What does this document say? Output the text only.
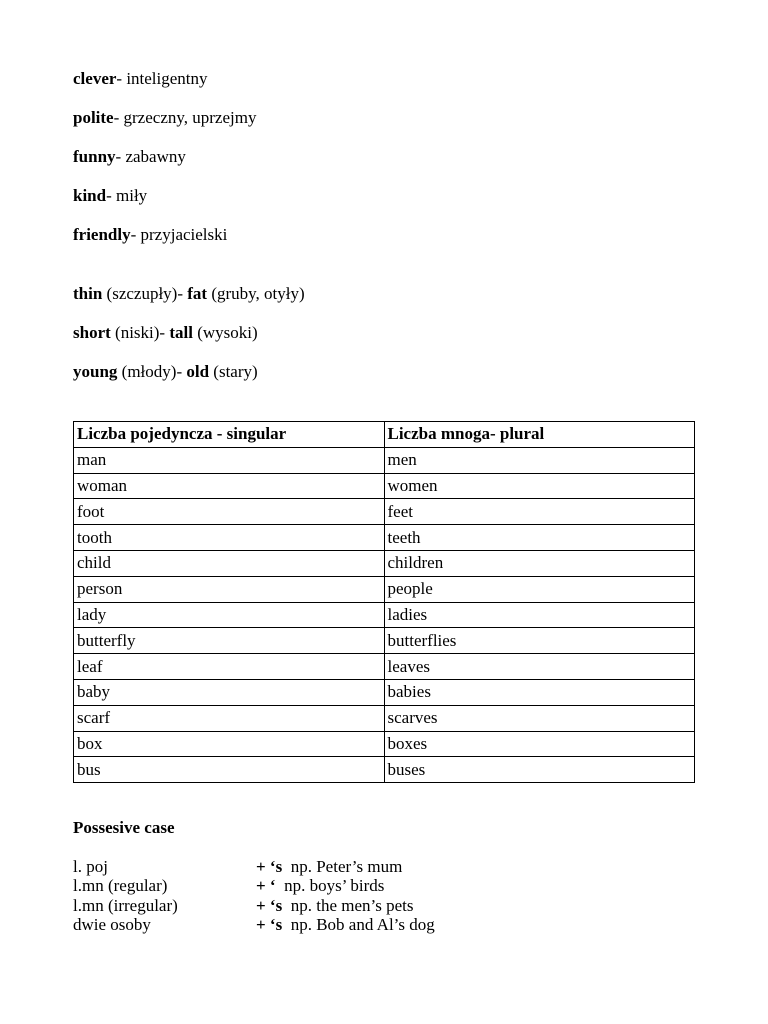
clever- inteligentny
polite- grzeczny, uprzejmy
funny- zabawny
kind- miły
friendly- przyjacielski
thin (szczupły)- fat (gruby, otyły)
short (niski)- tall (wysoki)
young (młody)- old (stary)
Liczba pojedyncza - singular	Liczba mnoga- plural
man	men
woman	women
foot	feet
tooth	teeth
child	children
person	people
lady	ladies
butterfly	butterflies
leaf	leaves
baby	babies
scarf	scarves
box	boxes
bus	buses
Possesive case
l. poj	+ ‘s  np. Peter’s mum
l.mn (regular)	+ ‘  np. boys’ birds
l.mn (irregular)	+ ‘s  np. the men’s pets
dwie osoby	+ ‘s  np. Bob and Al’s dog
